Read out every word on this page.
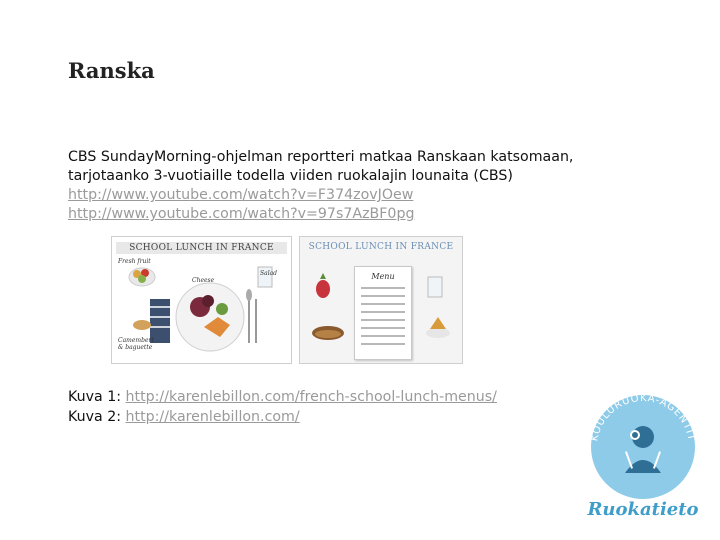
Ranska
CBS SundayMorning-ohjelman reportteri matkaa Ranskaan katsomaan,
tarjotaanko 3-vuotiaille todella viiden ruokalajin lounaita (CBS)
http://www.youtube.com/watch?v=F374zovJOew
http://www.youtube.com/watch?v=97s7AzBF0pg
SCHOOL LUNCH IN FRANCE
Fresh fruit
Cheese
Salad
Camembert & baguette
SCHOOL LUNCH IN FRANCE
Menu
Kuva 1: http://karenlebillon.com/french-school-lunch-menus/
Kuva 2: http://karenlebillon.com/
KOULURUOKA-AGENTIT
Ruokatieto
